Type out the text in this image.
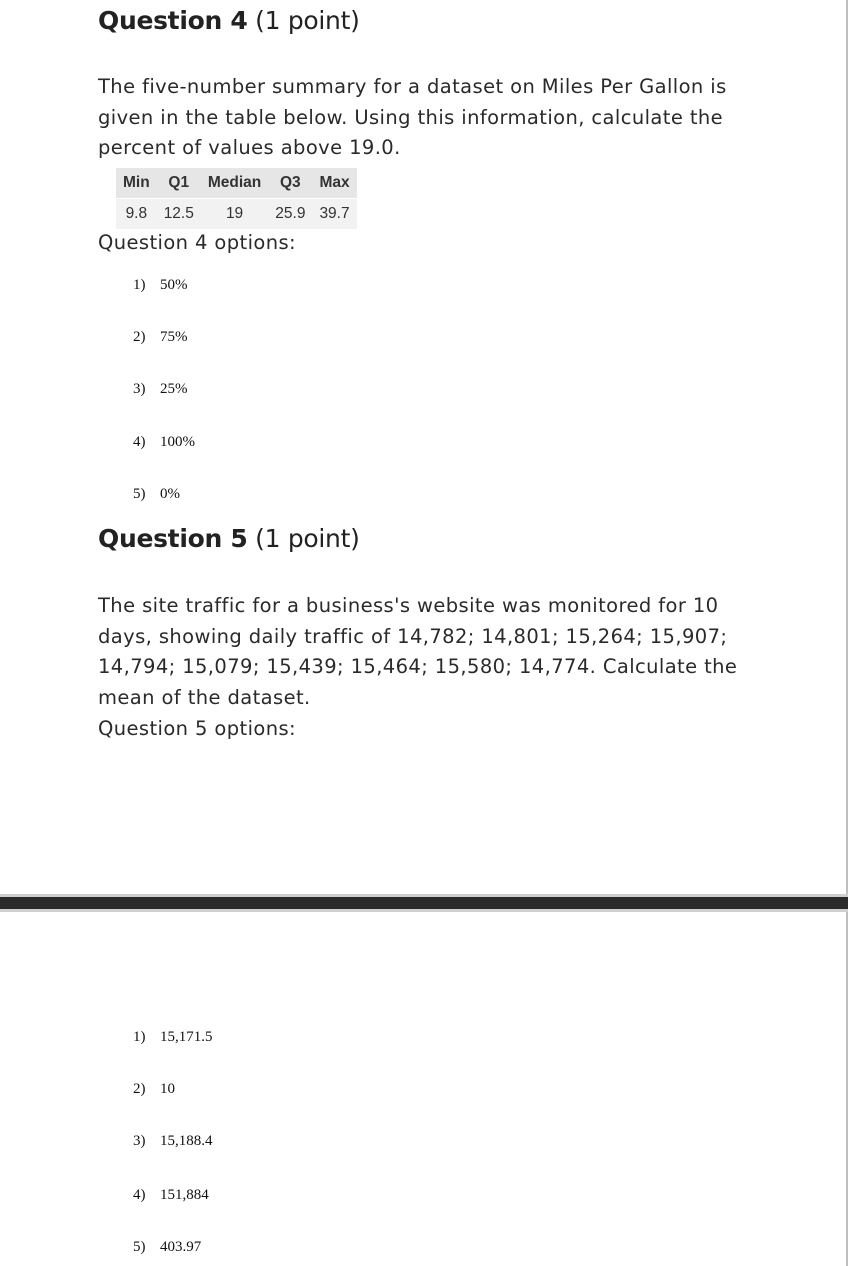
Question 4 (1 point)
The five-number summary for a dataset on Miles Per Gallon is given in the table below. Using this information, calculate the percent of values above 19.0.
Min	Q1	Median	Q3	Max
9.8	12.5	19	25.9	39.7
Question 4 options:
1) 50%
2) 75%
3) 25%
4) 100%
5) 0%
Question 5 (1 point)
The site traffic for a business's website was monitored for 10 days, showing daily traffic of 14,782; 14,801; 15,264; 15,907; 14,794; 15,079; 15,439; 15,464; 15,580; 14,774. Calculate the mean of the dataset.
Question 5 options:
1) 15,171.5
2) 10
3) 15,188.4
4) 151,884
5) 403.97
